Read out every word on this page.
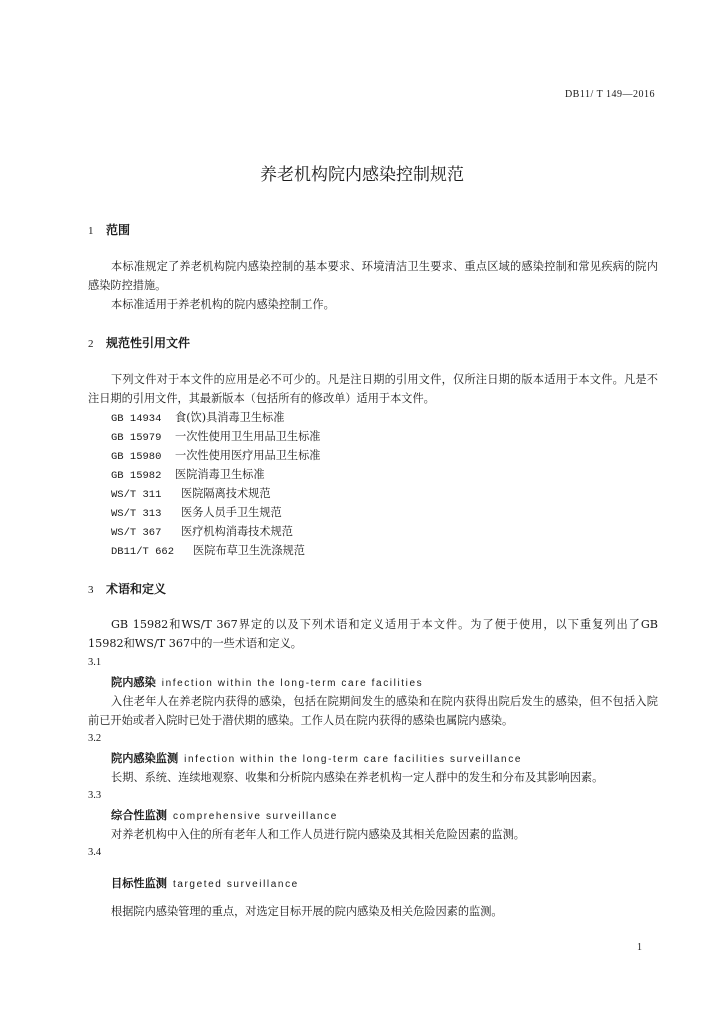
DB11/ T 149—2016
养老机构院内感染控制规范
1 范围
本标准规定了养老机构院内感染控制的基本要求、环境清洁卫生要求、重点区域的感染控制和常见疾病的院内感染防控措施。
本标准适用于养老机构的院内感染控制工作。
2 规范性引用文件
下列文件对于本文件的应用是必不可少的。凡是注日期的引用文件，仅所注日期的版本适用于本文件。凡是不注日期的引用文件，其最新版本（包括所有的修改单）适用于本文件。
GB 14934 食(饮)具消毒卫生标准
GB 15979 一次性使用卫生用品卫生标准
GB 15980 一次性使用医疗用品卫生标准
GB 15982 医院消毒卫生标准
WS/T 311 医院隔离技术规范
WS/T 313 医务人员手卫生规范
WS/T 367 医疗机构消毒技术规范
DB11/T 662 医院布草卫生洗涤规范
3 术语和定义
GB 15982和WS/T 367界定的以及下列术语和定义适用于本文件。为了便于使用，以下重复列出了GB 15982和WS/T 367中的一些术语和定义。
3.1
院内感染 infection within the long-term care facilities
入住老年人在养老院内获得的感染，包括在院期间发生的感染和在院内获得出院后发生的感染，但不包括入院前已开始或者入院时已处于潜伏期的感染。工作人员在院内获得的感染也属院内感染。
3.2
院内感染监测 infection within the long-term care facilities surveillance
长期、系统、连续地观察、收集和分析院内感染在养老机构一定人群中的发生和分布及其影响因素。
3.3
综合性监测 comprehensive surveillance
对养老机构中入住的所有老年人和工作人员进行院内感染及其相关危险因素的监测。
3.4
目标性监测 targeted surveillance
根据院内感染管理的重点，对选定目标开展的院内感染及相关危险因素的监测。
1
